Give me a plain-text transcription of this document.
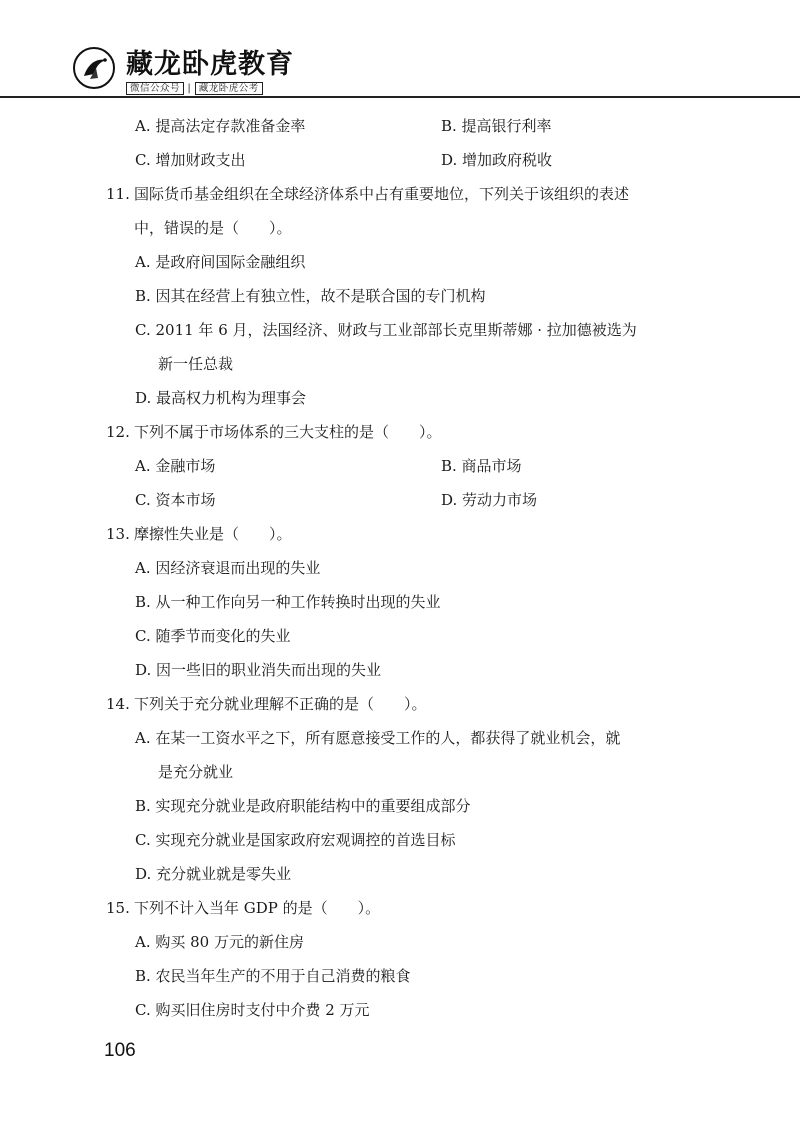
藏龙卧虎教育
微信公众号 | 藏龙卧虎公考
A. 提高法定存款准备金率	B. 提高银行利率
C. 增加财政支出	D. 增加政府税收
11. 国际货币基金组织在全球经济体系中占有重要地位，下列关于该组织的表述
中，错误的是（　　）。
A. 是政府间国际金融组织
B. 因其在经营上有独立性，故不是联合国的专门机构
C. 2011 年 6 月，法国经济、财政与工业部部长克里斯蒂娜 · 拉加德被选为
新一任总裁
D. 最高权力机构为理事会
12. 下列不属于市场体系的三大支柱的是（　　）。
A. 金融市场	B. 商品市场
C. 资本市场	D. 劳动力市场
13. 摩擦性失业是（　　）。
A. 因经济衰退而出现的失业
B. 从一种工作向另一种工作转换时出现的失业
C. 随季节而变化的失业
D. 因一些旧的职业消失而出现的失业
14. 下列关于充分就业理解不正确的是（　　）。
A. 在某一工资水平之下，所有愿意接受工作的人，都获得了就业机会，就
是充分就业
B. 实现充分就业是政府职能结构中的重要组成部分
C. 实现充分就业是国家政府宏观调控的首选目标
D. 充分就业就是零失业
15. 下列不计入当年 GDP 的是（　　）。
A. 购买 80 万元的新住房
B. 农民当年生产的不用于自己消费的粮食
C. 购买旧住房时支付中介费 2 万元
106
